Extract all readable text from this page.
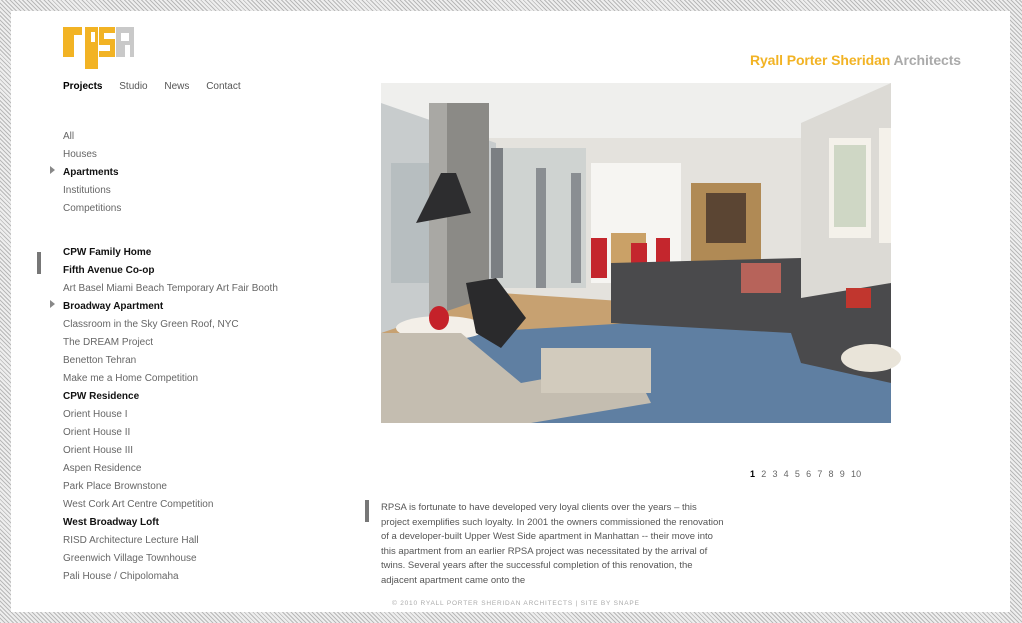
Ryall Porter Sheridan Architects
Projects Studio News Contact
All
Houses
Apartments
Institutions
Competitions
CPW Family Home
Fifth Avenue Co-op
Art Basel Miami Beach Temporary Art Fair Booth
Broadway Apartment
Classroom in the Sky Green Roof, NYC
The DREAM Project
Benetton Tehran
Make me a Home Competition
CPW Residence
Orient House I
Orient House II
Orient House III
Aspen Residence
Park Place Brownstone
West Cork Art Centre Competition
West Broadway Loft
RISD Architecture Lecture Hall
Greenwich Village Townhouse
Pali House / Chipolomaha
1 2 3 4 5 6 7 8 9 10
RPSA is fortunate to have developed very loyal clients over the years – this project exemplifies such loyalty. In 2001 the owners commissioned the renovation of a developer-built Upper West Side apartment in Manhattan -- their move into this apartment from an earlier RPSA project was necessitated by the arrival of twins. Several years after the successful completion of this renovation, the adjacent apartment came onto the
© 2010 RYALL PORTER SHERIDAN ARCHITECTS | SITE BY SNAPE
